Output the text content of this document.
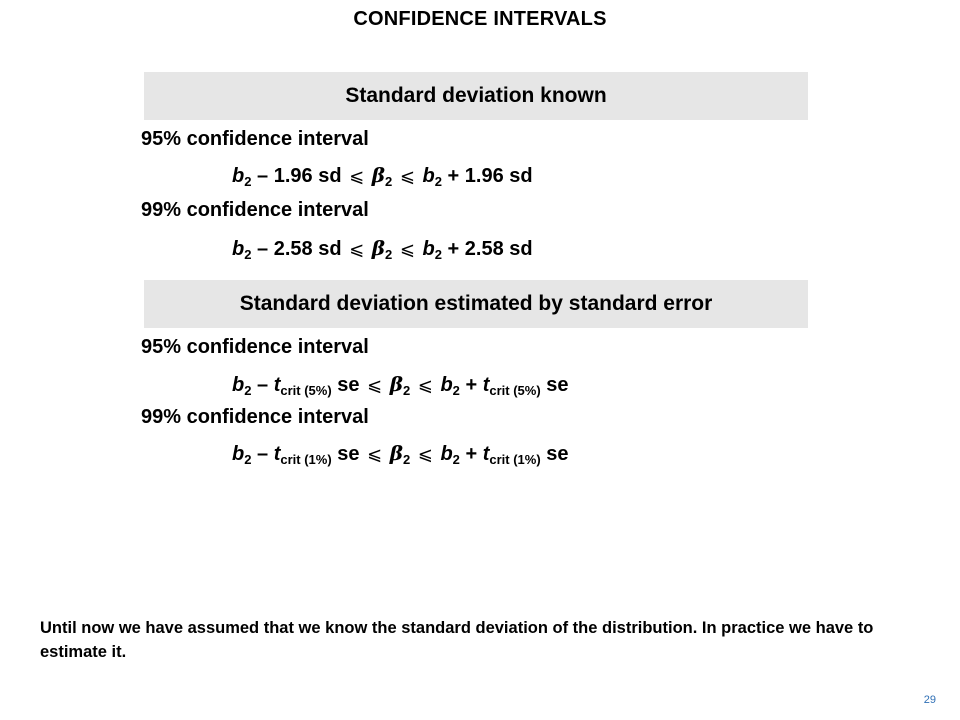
CONFIDENCE INTERVALS
Standard deviation known
95% confidence interval
$b_2 - 1.96$ sd ⩽ $\beta_2$ ⩽ $b_2 + 1.96$ sd
99% confidence interval
$b_2 - 2.58$ sd ⩽ $\beta_2$ ⩽ $b_2 + 2.58$ sd
Standard deviation estimated by standard error
95% confidence interval
$b_2 - t_{crit (5\%)}$ se ⩽ $\beta_2$ ⩽ $b_2 + t_{crit (5\%)}$ se
99% confidence interval
$b_2 - t_{crit (1\%)}$ se ⩽ $\beta_2$ ⩽ $b_2 + t_{crit (1\%)}$ se
Until now we have assumed that we know the standard deviation of the distribution. In practice we have to estimate it.
29
